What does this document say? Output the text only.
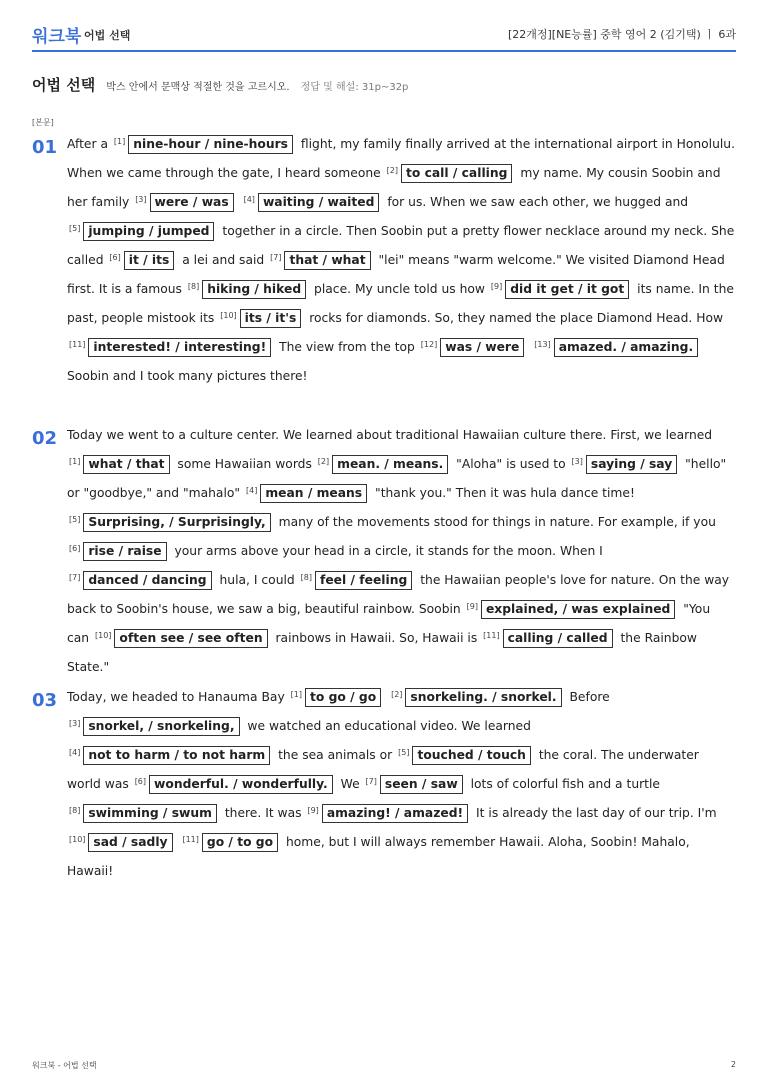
워크북 어법 선택	[22개정][NE능률] 중학 영어 2 (김기택) ㅣ 6과
어법 선택 박스 안에서 문맥상 적절한 것을 고르시오. 정답 및 해설: 31p~32p
[본문]
01 After a [1] nine-hour / nine-hours flight, my family finally arrived at the international airport in Honolulu. When we came through the gate, I heard someone [2] to call / calling my name. My cousin Soobin and her family [3] were / was [4] waiting / waited for us. When we saw each other, we hugged and [5] jumping / jumped together in a circle. Then Soobin put a pretty flower necklace around my neck. She called [6] it / its a lei and said [7] that / what "lei" means "warm welcome." We visited Diamond Head first. It is a famous [8] hiking / hiked place. My uncle told us how [9] did it get / it got its name. In the past, people mistook its [10] its / it's rocks for diamonds. So, they named the place Diamond Head. How [11] interested! / interesting! The view from the top [12] was / were [13] amazed. / amazing. Soobin and I took many pictures there!
02 Today we went to a culture center. We learned about traditional Hawaiian culture there. First, we learned [1] what / that some Hawaiian words [2] mean. / means. "Aloha" is used to [3] saying / say "hello" or "goodbye," and "mahalo" [4] mean / means "thank you." Then it was hula dance time! [5] Surprising, / Surprisingly, many of the movements stood for things in nature. For example, if you [6] rise / raise your arms above your head in a circle, it stands for the moon. When I [7] danced / dancing hula, I could [8] feel / feeling the Hawaiian people's love for nature. On the way back to Soobin's house, we saw a big, beautiful rainbow. Soobin [9] explained, / was explained "You can [10] often see / see often rainbows in Hawaii. So, Hawaii is [11] calling / called the Rainbow State."
03 Today, we headed to Hanauma Bay [1] to go / go [2] snorkeling. / snorkel. Before [3] snorkel, / snorkeling, we watched an educational video. We learned [4] not to harm / to not harm the sea animals or [5] touched / touch the coral. The underwater world was [6] wonderful. / wonderfully. We [7] seen / saw lots of colorful fish and a turtle [8] swimming / swum there. It was [9] amazing! / amazed! It is already the last day of our trip. I'm [10] sad / sadly [11] go / to go home, but I will always remember Hawaii. Aloha, Soobin! Mahalo, Hawaii!
워크북 - 어법 선택	2
